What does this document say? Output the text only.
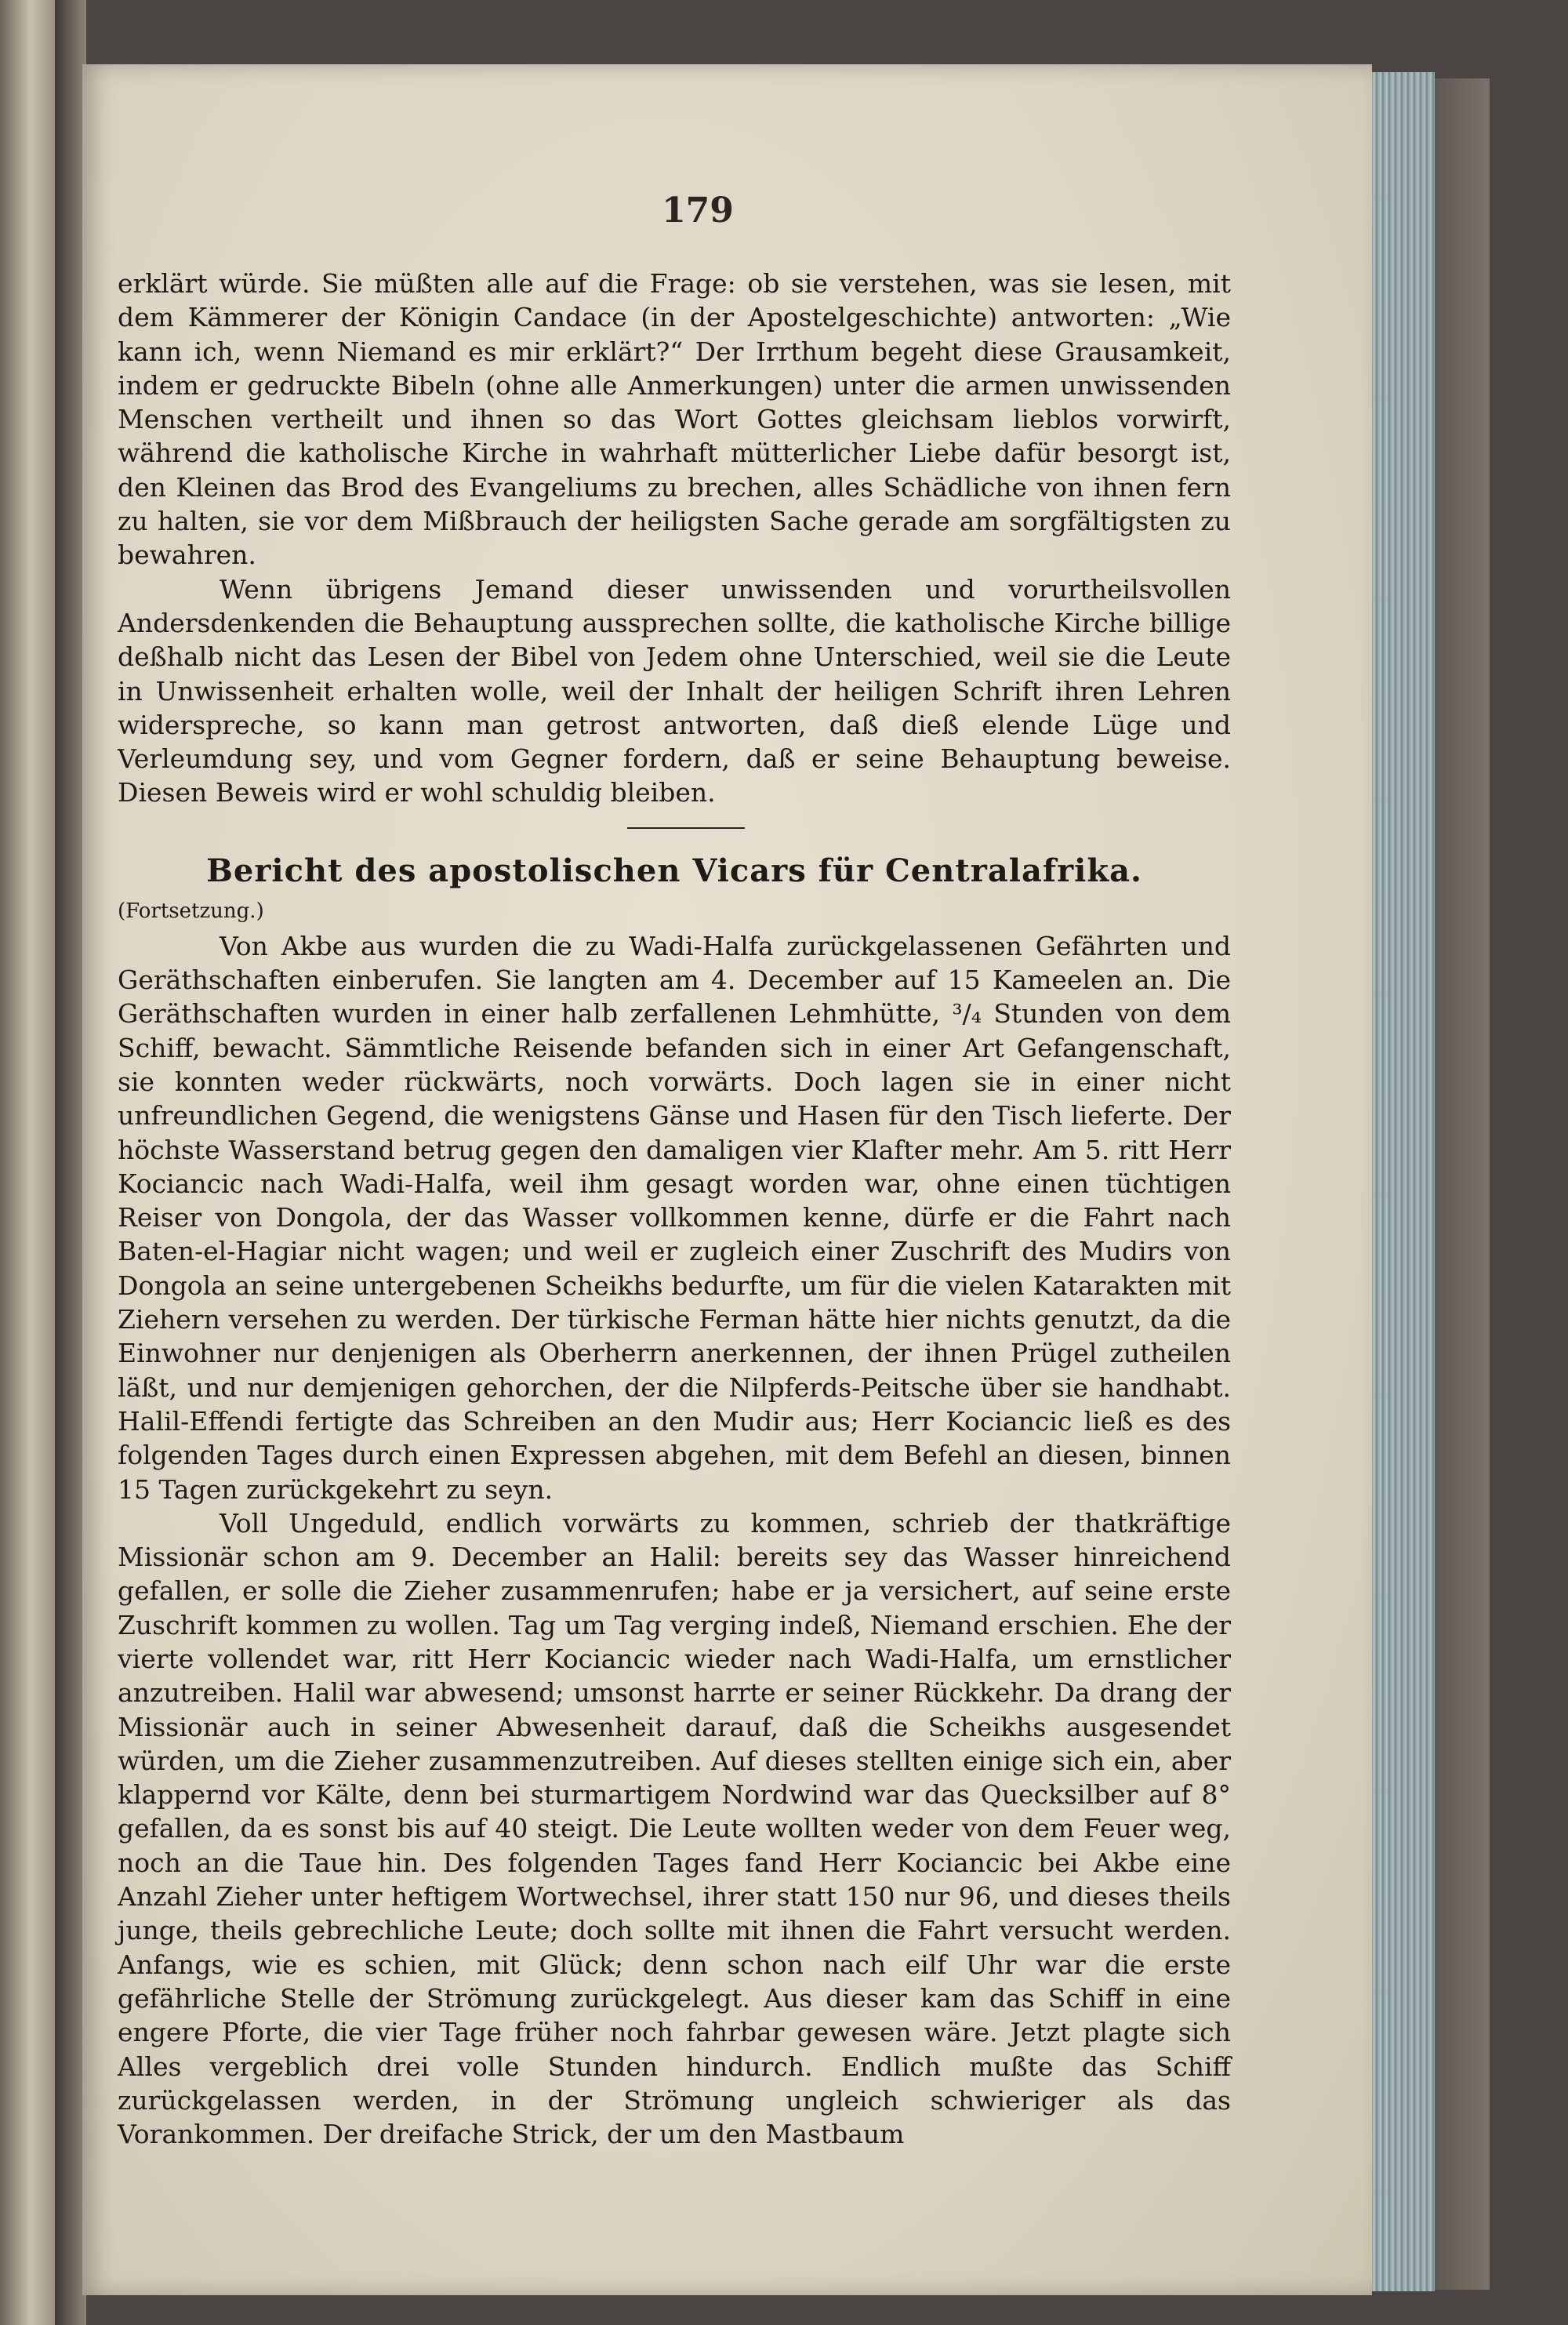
179

erklärt würde. Sie müßten alle auf die Frage: ob sie verstehen, was sie lesen, mit dem Kämmerer der Königin Candace (in der Apostelgeschichte) antworten: „Wie kann ich, wenn Niemand es mir erklärt?“ Der Irrthum begeht diese Grausamkeit, indem er gedruckte Bibeln (ohne alle Anmerkungen) unter die armen unwissenden Menschen vertheilt und ihnen so das Wort Gottes gleichsam lieblos vorwirft, während die katholische Kirche in wahrhaft mütterlicher Liebe dafür besorgt ist, den Kleinen das Brod des Evangeliums zu brechen, alles Schädliche von ihnen fern zu halten, sie vor dem Mißbrauch der heiligsten Sache gerade am sorgfältigsten zu bewahren.

Wenn übrigens Jemand dieser unwissenden und vorurtheilsvollen Andersdenkenden die Behauptung aussprechen sollte, die katholische Kirche billige deßhalb nicht das Lesen der Bibel von Jedem ohne Unterschied, weil sie die Leute in Unwissenheit erhalten wolle, weil der Inhalt der heiligen Schrift ihren Lehren widerspreche, so kann man getrost antworten, daß dieß elende Lüge und Verleumdung sey, und vom Gegner fordern, daß er seine Behauptung beweise. Diesen Beweis wird er wohl schuldig bleiben.

Bericht des apostolischen Vicars für Centralafrika.

(Fortsetzung.)

Von Akbe aus wurden die zu Wadi-Halfa zurückgelassenen Gefährten und Geräthschaften einberufen. Sie langten am 4. December auf 15 Kameelen an. Die Geräthschaften wurden in einer halb zerfallenen Lehmhütte, ³/₄ Stunden von dem Schiff, bewacht. Sämmtliche Reisende befanden sich in einer Art Gefangenschaft, sie konnten weder rückwärts, noch vorwärts. Doch lagen sie in einer nicht unfreundlichen Gegend, die wenigstens Gänse und Hasen für den Tisch lieferte. Der höchste Wasserstand betrug gegen den damaligen vier Klafter mehr. Am 5. ritt Herr Kociancic nach Wadi-Halfa, weil ihm gesagt worden war, ohne einen tüchtigen Reiser von Dongola, der das Wasser vollkommen kenne, dürfe er die Fahrt nach Baten-el-Hagiar nicht wagen; und weil er zugleich einer Zuschrift des Mudirs von Dongola an seine untergebenen Scheikhs bedurfte, um für die vielen Katarakten mit Ziehern versehen zu werden. Der türkische Ferman hätte hier nichts genutzt, da die Einwohner nur denjenigen als Oberherrn anerkennen, der ihnen Prügel zutheilen läßt, und nur demjenigen gehorchen, der die Nilpferds-Peitsche über sie handhabt. Halil-Effendi fertigte das Schreiben an den Mudir aus; Herr Kociancic ließ es des folgenden Tages durch einen Expressen abgehen, mit dem Befehl an diesen, binnen 15 Tagen zurückgekehrt zu seyn.

Voll Ungeduld, endlich vorwärts zu kommen, schrieb der thatkräftige Missionär schon am 9. December an Halil: bereits sey das Wasser hinreichend gefallen, er solle die Zieher zusammenrufen; habe er ja versichert, auf seine erste Zuschrift kommen zu wollen. Tag um Tag verging indeß, Niemand erschien. Ehe der vierte vollendet war, ritt Herr Kociancic wieder nach Wadi-Halfa, um ernstlicher anzutreiben. Halil war abwesend; umsonst harrte er seiner Rückkehr. Da drang der Missionär auch in seiner Abwesenheit darauf, daß die Scheikhs ausgesendet würden, um die Zieher zusammenzutreiben. Auf dieses stellten einige sich ein, aber klappernd vor Kälte, denn bei sturmartigem Nordwind war das Quecksilber auf 8° gefallen, da es sonst bis auf 40 steigt. Die Leute wollten weder von dem Feuer weg, noch an die Taue hin. Des folgenden Tages fand Herr Kociancic bei Akbe eine Anzahl Zieher unter heftigem Wortwechsel, ihrer statt 150 nur 96, und dieses theils junge, theils gebrechliche Leute; doch sollte mit ihnen die Fahrt versucht werden. Anfangs, wie es schien, mit Glück; denn schon nach eilf Uhr war die erste gefährliche Stelle der Strömung zurückgelegt. Aus dieser kam das Schiff in eine engere Pforte, die vier Tage früher noch fahrbar gewesen wäre. Jetzt plagte sich Alles vergeblich drei volle Stunden hindurch. Endlich mußte das Schiff zurückgelassen werden, in der Strömung ungleich schwieriger als das Vorankommen. Der dreifache Strick, der um den Mastbaum
